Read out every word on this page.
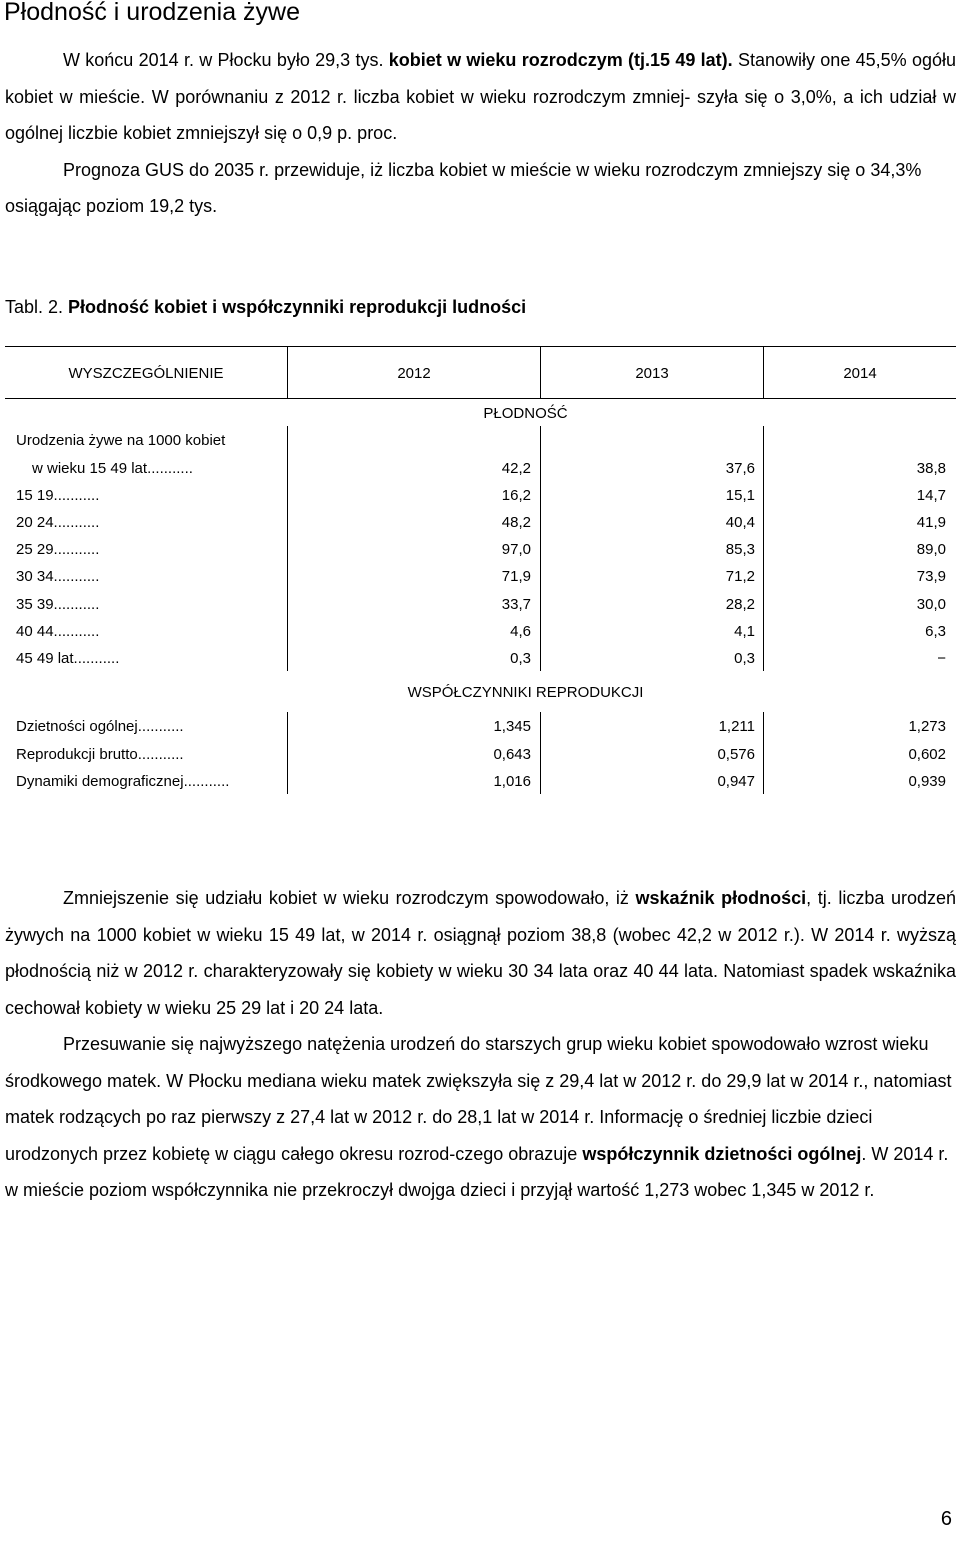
Płodność i urodzenia żywe

W końcu 2014 r. w Płocku było 29,3 tys. kobiet w wieku rozrodczym (tj.15 49 lat). Stanowiły one 45,5% ogółu kobiet w mieście. W porównaniu z 2012 r. liczba kobiet w wieku rozrodczym zmniej- szyła się o 3,0%, a ich udział w ogólnej liczbie kobiet zmniejszył się o 0,9 p. proc.

Prognoza GUS do 2035 r. przewiduje, iż liczba kobiet w mieście w wieku rozrodczym zmniejszy się o 34,3% osiągając poziom 19,2 tys.

Tabl. 2. Płodność kobiet i współczynniki reprodukcji ludności
WYSZCZEGÓLNIENIE	2012	2013	2014
PŁODNOŚĆ
Urodzenia żywe na 1000 kobiet
w wieku 15 49 lat...........	42,2	37,6	38,8
15 19...........	16,2	15,1	14,7
20 24...........	48,2	40,4	41,9
25 29...........	97,0	85,3	89,0
30 34...........	71,9	71,2	73,9
35 39...........	33,7	28,2	30,0
40 44...........	4,6	4,1	6,3
45 49 lat...........	0,3	0,3	−
WSPÓŁCZYNNIKI REPRODUKCJI
Dzietności ogólnej...........	1,345	1,211	1,273
Reprodukcji brutto...........	0,643	0,576	0,602
Dynamiki demograficznej...........	1,016	0,947	0,939

Zmniejszenie się udziału kobiet w wieku rozrodczym spowodowało, iż wskaźnik płodności, tj. liczba urodzeń żywych na 1000 kobiet w wieku 15 49 lat, w 2014 r. osiągnął poziom 38,8 (wobec 42,2 w 2012 r.). W 2014 r. wyższą płodnością niż w 2012 r. charakteryzowały się kobiety w wieku 30 34 lata oraz 40 44 lata. Natomiast spadek wskaźnika cechował kobiety w wieku 25 29 lat i 20 24 lata.

Przesuwanie się najwyższego natężenia urodzeń do starszych grup wieku kobiet spowodowało wzrost wieku środkowego matek. W Płocku mediana wieku matek zwiększyła się z 29,4 lat w 2012 r. do 29,9 lat w 2014 r., natomiast matek rodzących po raz pierwszy z 27,4 lat w 2012 r. do 28,1 lat w 2014 r. Informację o średniej liczbie dzieci urodzonych przez kobietę w ciągu całego okresu rozrod-czego obrazuje współczynnik dzietności ogólnej. W 2014 r. w mieście poziom współczynnika nie przekroczył dwojga dzieci i przyjął wartość 1,273 wobec 1,345 w 2012 r.

6
